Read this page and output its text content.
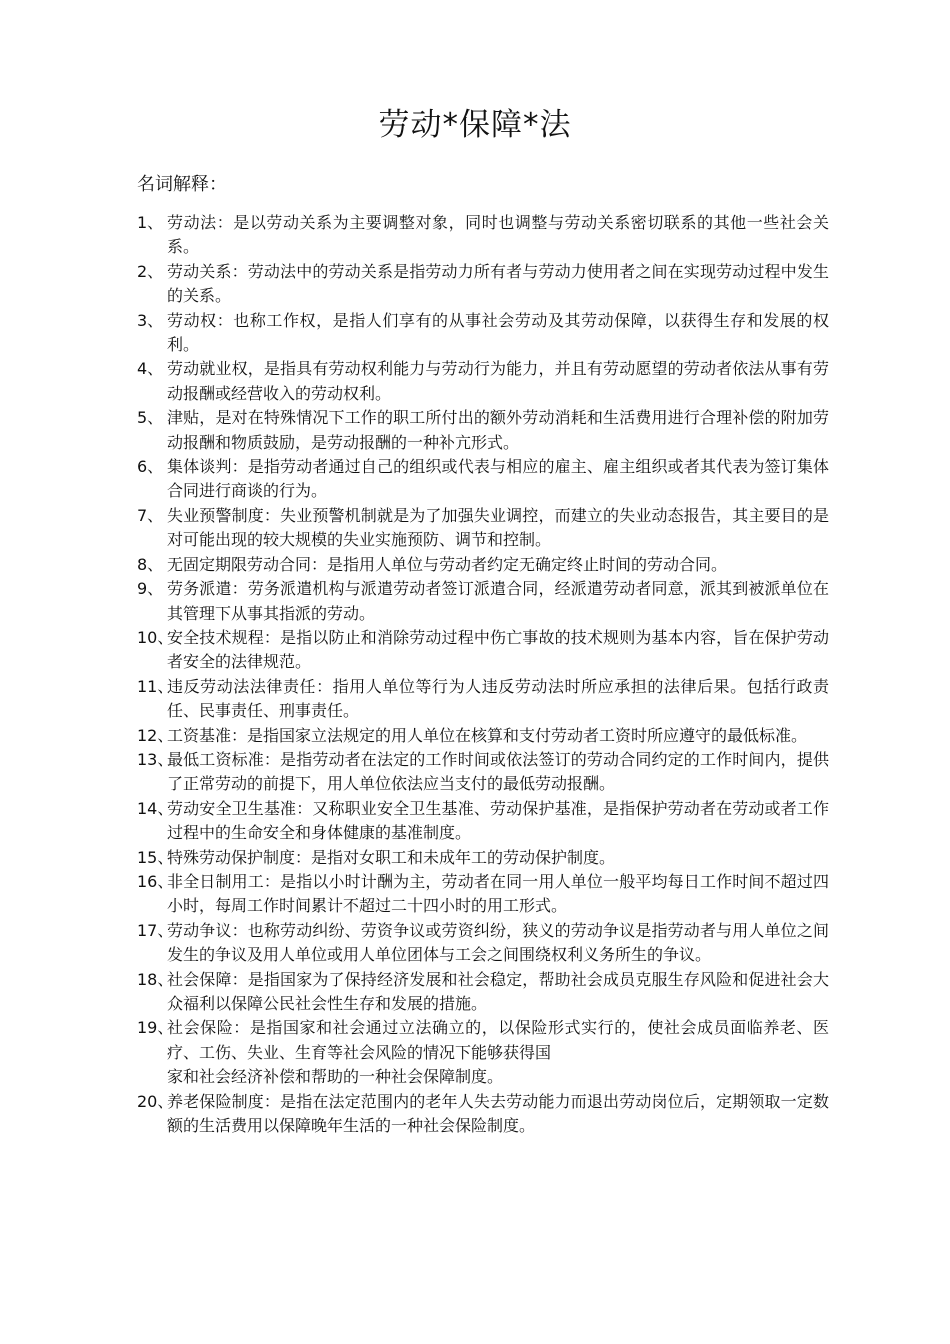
劳动*保障*法
名词解释：
1、 劳动法：是以劳动关系为主要调整对象，同时也调整与劳动关系密切联系的其他一些社会关系。
2、 劳动关系：劳动法中的劳动关系是指劳动力所有者与劳动力使用者之间在实现劳动过程中发生的关系。
3、 劳动权：也称工作权，是指人们享有的从事社会劳动及其劳动保障，以获得生存和发展的权利。
4、 劳动就业权，是指具有劳动权利能力与劳动行为能力，并且有劳动愿望的劳动者依法从事有劳动报酬或经营收入的劳动权利。
5、 津贴，是对在特殊情况下工作的职工所付出的额外劳动消耗和生活费用进行合理补偿的附加劳动报酬和物质鼓励，是劳动报酬的一种补亢形式。
6、 集体谈判：是指劳动者通过自己的组织或代表与相应的雇主、雇主组织或者其代表为签订集体合同进行商谈的行为。
7、 失业预警制度：失业预警机制就是为了加强失业调控，而建立的失业动态报告，其主要目的是对可能出现的较大规模的失业实施预防、调节和控制。
8、 无固定期限劳动合同：是指用人单位与劳动者约定无确定终止时间的劳动合同。
9、 劳务派遣：劳务派遣机构与派遣劳动者签订派遣合同，经派遣劳动者同意，派其到被派单位在其管理下从事其指派的劳动。
10、
安全技术规程：是指以防止和消除劳动过程中伤亡事故的技术规则为基本内容，旨在保护劳动者安全的法律规范。
11、
违反劳动法法律责任：指用人单位等行为人违反劳动法时所应承担的法律后果。包括行政责任、民事责任、刑事责任。
12、
工资基准：是指国家立法规定的用人单位在核算和支付劳动者工资时所应遵守的最低标准。
13、
最低工资标准：是指劳动者在法定的工作时间或依法签订的劳动合同约定的工作时间内，提供了正常劳动的前提下，用人单位依法应当支付的最低劳动报酬。
14、
劳动安全卫生基准：又称职业安全卫生基准、劳动保护基准，是指保护劳动者在劳动或者工作过程中的生命安全和身体健康的基准制度。
15、
特殊劳动保护制度：是指对女职工和未成年工的劳动保护制度。
16、
非全日制用工：是指以小时计酬为主，劳动者在同一用人单位一般平均每日工作时间不超过四小时，每周工作时间累计不超过二十四小时的用工形式。
17、
劳动争议：也称劳动纠纷、劳资争议或劳资纠纷，狭义的劳动争议是指劳动者与用人单位之间发生的争议及用人单位或用人单位团体与工会之间围绕权利义务所生的争议。
18、
社会保障：是指国家为了保持经济发展和社会稳定，帮助社会成员克服生存风险和促进社会大众福利以保障公民社会性生存和发展的措施。
19、
社会保险：是指国家和社会通过立法确立的，以保险形式实行的，使社会成员面临养老、医疗、工伤、失业、生育等社会风险的情况下能够获得国
家和社会经济补偿和帮助的一种社会保障制度。
20、
养老保险制度：是指在法定范围内的老年人失去劳动能力而退出劳动岗位后，定期领取一定数额的生活费用以保障晚年生活的一种社会保险制度。
